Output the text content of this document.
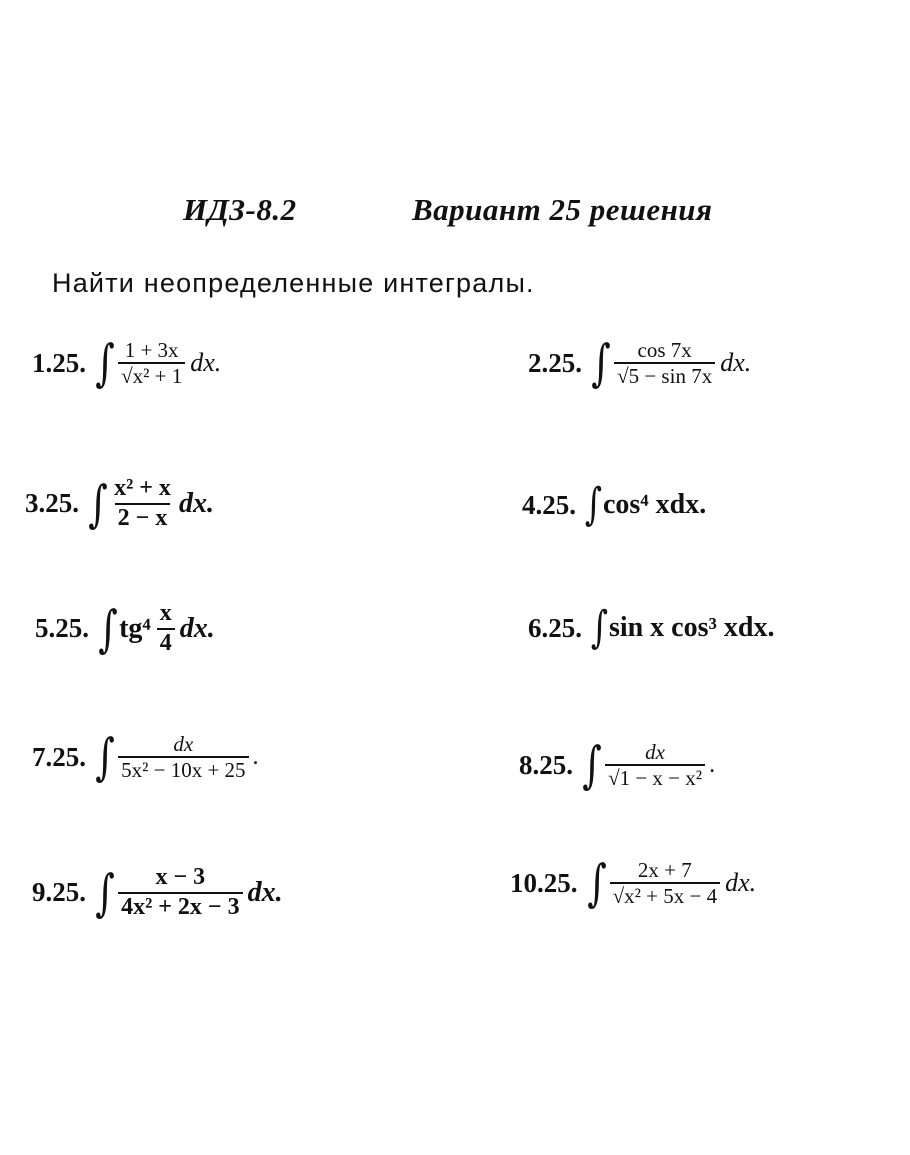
ИДЗ-8.2	Вариант 25 решения
Найти неопределенные интегралы.
1.25. ∫ $\frac{1 + 3x}{\text{√x² + 1}}$ dx.	2.25. ∫ $\frac{\cos 7x}{√5 - \sin 7x}$ dx.
3.25. ∫ $\frac{\text{x² + x}}{2 - x}$ dx.	4.25. ∫ cos⁴ xdx.
5.25. ∫ $tg^4 \frac{x}{4}$ dx.	6.25. ∫ sin x cos³ xdx.
7.25. ∫ $\frac{dx}{\text{5x² − 10x + 25}}$ .	8.25. ∫ $\frac{dx}{\text{√1 − x − x²}}$ .
9.25. ∫ $\frac{x - 3}{\text{4x² + 2x − 3}}$ dx.	10.25. ∫ $\frac{2x + 7}{\text{√x² + 5x − 4}}$ dx.
